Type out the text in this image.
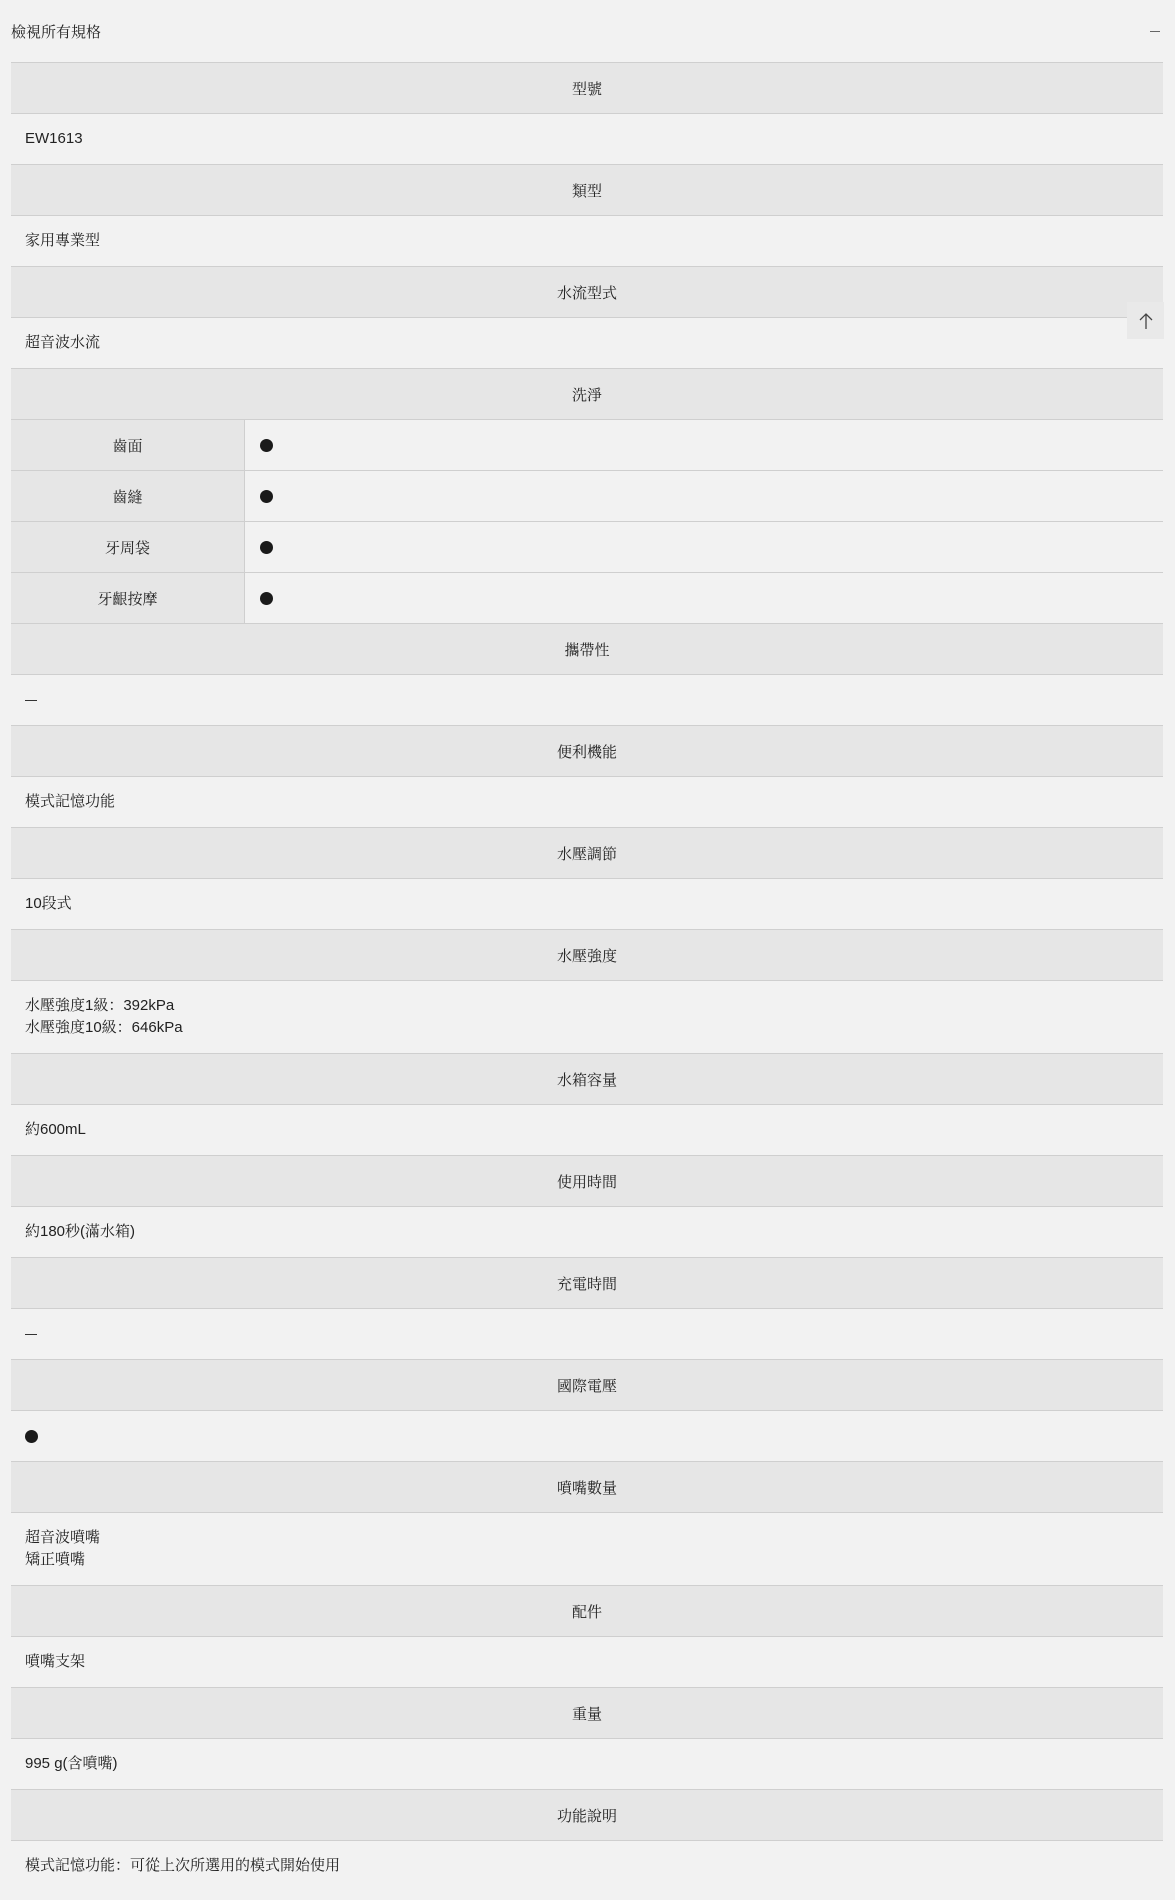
檢視所有規格
型號
EW1613
類型
家用專業型
水流型式
超音波水流
洗淨
齒面
齒縫
牙周袋
牙齦按摩
攜帶性
便利機能
模式記憶功能
水壓調節
10段式
水壓強度
水壓強度1級：392kPa
水壓強度10級：646kPa
水箱容量
約600mL
使用時間
約180秒(滿水箱)
充電時間
國際電壓
噴嘴數量
超音波噴嘴
矯正噴嘴
配件
噴嘴支架
重量
995 g(含噴嘴)
功能說明
模式記憶功能：可從上次所選用的模式開始使用
